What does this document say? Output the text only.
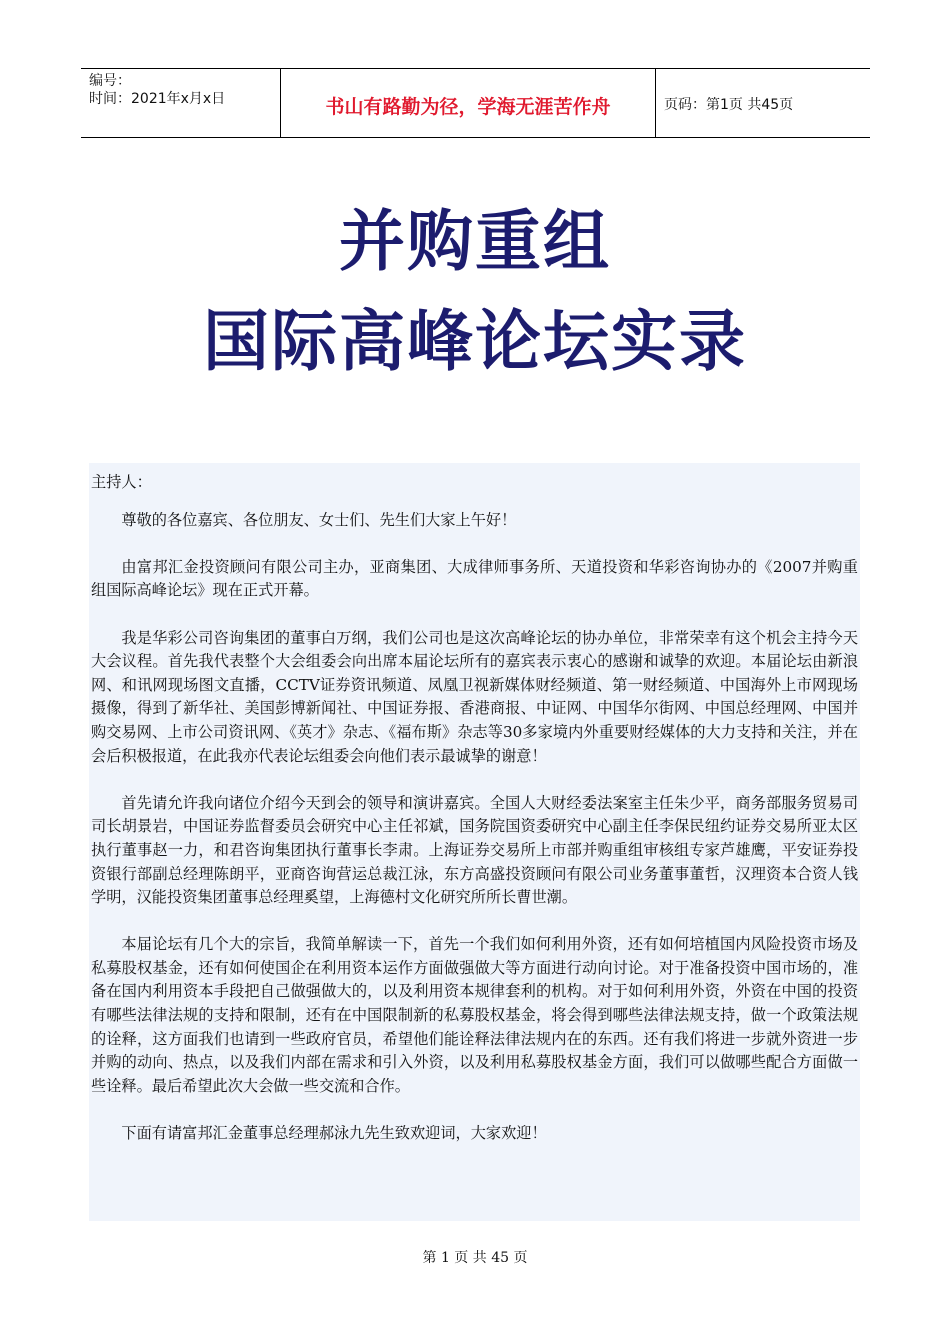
编号：
时间：2021年x月x日	书山有路勤为径，学海无涯苦作舟	页码：第1页 共45页
并购重组
国际高峰论坛实录

主持人：

尊敬的各位嘉宾、各位朋友、女士们、先生们大家上午好！

由富邦汇金投资顾问有限公司主办，亚商集团、大成律师事务所、天道投资和华彩咨询协办的《2007并购重组国际高峰论坛》现在正式开幕。

我是华彩公司咨询集团的董事白万纲，我们公司也是这次高峰论坛的协办单位，非常荣幸有这个机会主持今天大会议程。首先我代表整个大会组委会向出席本届论坛所有的嘉宾表示衷心的感谢和诚挚的欢迎。本届论坛由新浪网、和讯网现场图文直播，CCTV证券资讯频道、凤凰卫视新媒体财经频道、第一财经频道、中国海外上市网现场摄像，得到了新华社、美国彭博新闻社、中国证券报、香港商报、中证网、中国华尔街网、中国总经理网、中国并购交易网、上市公司资讯网、《英才》杂志、《福布斯》杂志等30多家境内外重要财经媒体的大力支持和关注，并在会后积极报道，在此我亦代表论坛组委会向他们表示最诚挚的谢意！

首先请允许我向诸位介绍今天到会的领导和演讲嘉宾。全国人大财经委法案室主任朱少平，商务部服务贸易司司长胡景岩，中国证券监督委员会研究中心主任祁斌，国务院国资委研究中心副主任李保民纽约证券交易所亚太区执行董事赵一力，和君咨询集团执行董事长李肃。上海证券交易所上市部并购重组审核组专家芦雄鹰，平安证券投资银行部副总经理陈朗平，亚商咨询营运总裁江泳，东方高盛投资顾问有限公司业务董事董哲，汉理资本合资人钱学明，汉能投资集团董事总经理奚望，上海德村文化研究所所长曹世潮。

本届论坛有几个大的宗旨，我简单解读一下，首先一个我们如何利用外资，还有如何培植国内风险投资市场及私募股权基金，还有如何使国企在利用资本运作方面做强做大等方面进行动向讨论。对于准备投资中国市场的，准备在国内利用资本手段把自己做强做大的，以及利用资本规律套利的机构。对于如何利用外资，外资在中国的投资有哪些法律法规的支持和限制，还有在中国限制新的私募股权基金，将会得到哪些法律法规支持，做一个政策法规的诠释，这方面我们也请到一些政府官员，希望他们能诠释法律法规内在的东西。还有我们将进一步就外资进一步并购的动向、热点，以及我们内部在需求和引入外资，以及利用私募股权基金方面，我们可以做哪些配合方面做一些诠释。最后希望此次大会做一些交流和合作。

下面有请富邦汇金董事总经理郝泳九先生致欢迎词，大家欢迎！

第 1 页 共 45 页
